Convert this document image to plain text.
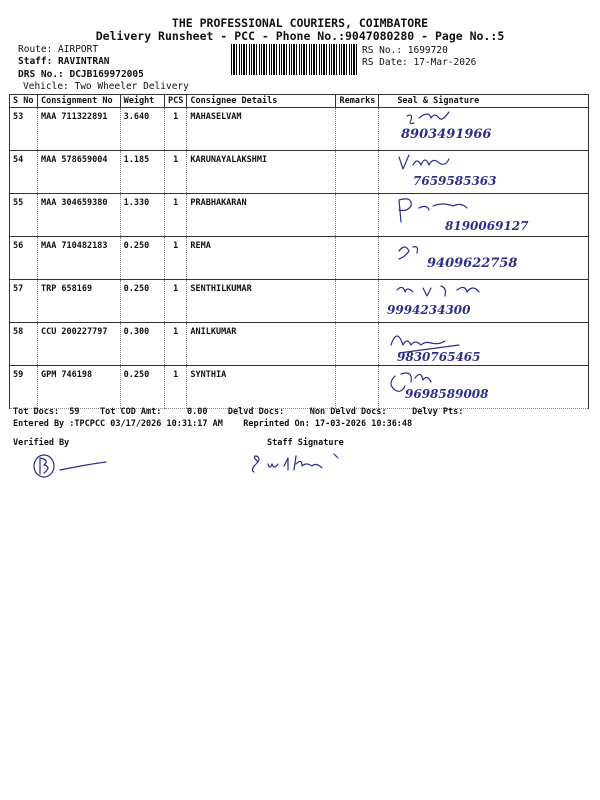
THE PROFESSIONAL COURIERS, COIMBATORE
Delivery Runsheet - PCC - Phone No.:9047080280 - Page No.:5
Route: AIRPORT
Staff: RAVINTRAN
DRS No.: DCJB169972005
Vehicle: Two Wheeler Delivery
RS No.: 1699720
RS Date: 17-Mar-2026
S No	Consignment No	Weight	PCS	Consignee Details	Remarks	Seal & Signature
53	MAA 711322891	3.640	1	MAHASELVAM		8903491966

54	MAA 578659004	1.185	1	KARUNAYALAKSHMI		7659585363

55	MAA 304659380	1.330	1	PRABHAKARAN		8190069127

56	MAA 710482183	0.250	1	REMA		9409622758

57	TRP 658169	0.250	1	SENTHILKUMAR		9994234300

58	CCU 200227797	0.300	1	ANILKUMAR		9830765465

59	GPM 746198	0.250	1	SYNTHIA		9698589008
Tot Docs:  59    Tot COD Amt:     0.00    Delvd Docs:     Non Delvd Docs:     Delvy Pts:
Entered By :TPCPCC 03/17/2026 10:31:17 AM    Reprinted On: 17-03-2026 10:36:48
Verified By	Staff Signature
